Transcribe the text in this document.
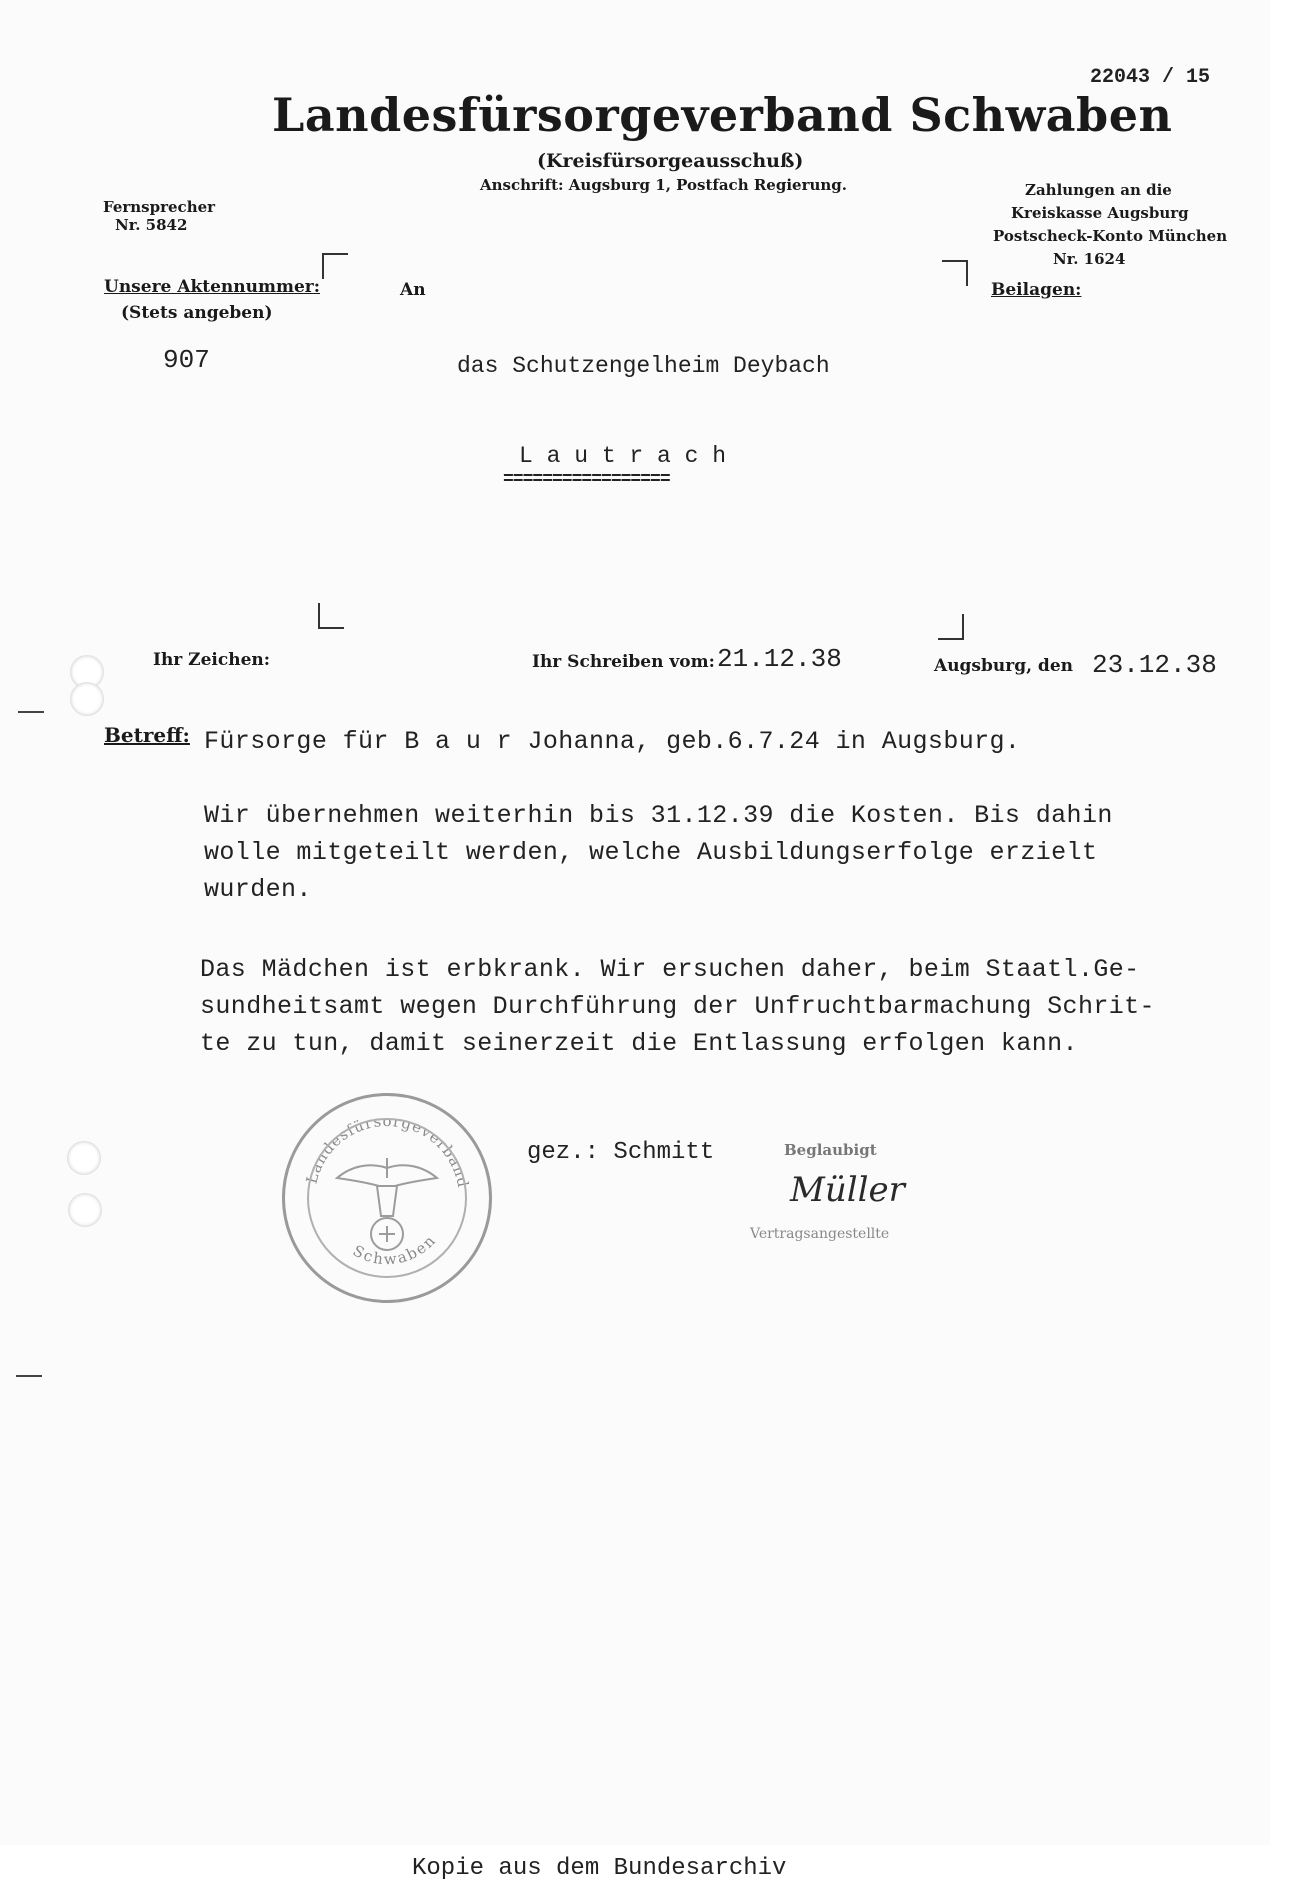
22043 / 15
Landesfürsorgeverband Schwaben
(Kreisfürsorgeausschuß)
Anschrift: Augsburg 1, Postfach Regierung.
Fernsprecher
Nr. 5842
Zahlungen an die
Kreiskasse Augsburg
Postscheck-Konto München
Nr. 1624
Unsere Aktennummer:
(Stets angeben)
907
An	Beilagen:
das Schutzengelheim Deybach
L a u t r a c h
=================
Ihr Zeichen:	Ihr Schreiben vom: 21.12.38	Augsburg, den 23.12.38
Betreff: Fürsorge für B a u r Johanna, geb.6.7.24 in Augsburg.
Wir übernehmen weiterhin bis 31.12.39 die Kosten. Bis dahin
wolle mitgeteilt werden, welche Ausbildungserfolge erzielt
wurden.
Das Mädchen ist erbkrank. Wir ersuchen daher, beim Staatl.Ge-
sundheitsamt wegen Durchführung der Unfruchtbarmachung Schrit-
te zu tun, damit seinerzeit die Entlassung erfolgen kann.
Landesfürsorgeverband
Schwaben
gez.: Schmitt	Beglaubigt
Müller
Vertragsangestellte
Kopie aus dem Bundesarchiv
